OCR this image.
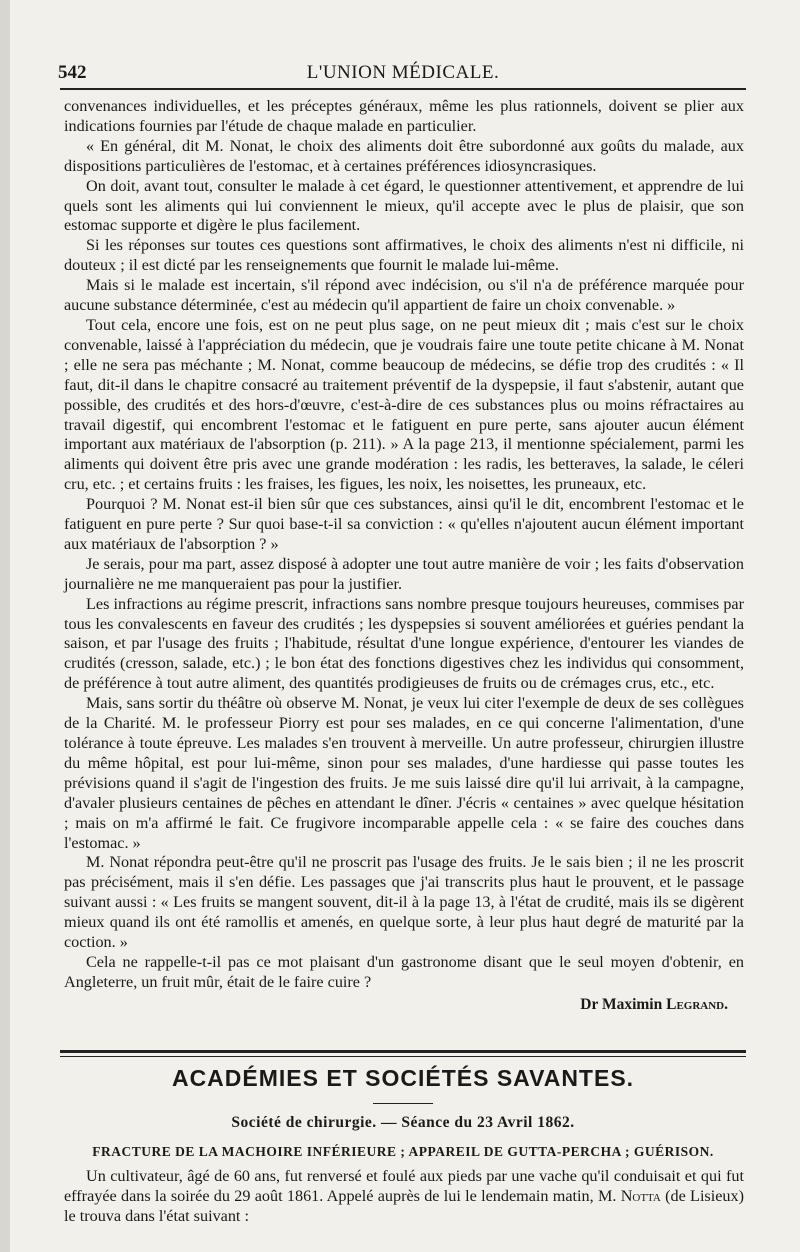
542	L'UNION MÉDICALE.

convenances individuelles, et les préceptes généraux, même les plus rationnels, doivent se plier aux indications fournies par l'étude de chaque malade en particulier.

« En général, dit M. Nonat, le choix des aliments doit être subordonné aux goûts du malade, aux dispositions particulières de l'estomac, et à certaines préférences idiosyncrasiques.

On doit, avant tout, consulter le malade à cet égard, le questionner attentivement, et apprendre de lui quels sont les aliments qui lui conviennent le mieux, qu'il accepte avec le plus de plaisir, que son estomac supporte et digère le plus facilement.

Si les réponses sur toutes ces questions sont affirmatives, le choix des aliments n'est ni difficile, ni douteux ; il est dicté par les renseignements que fournit le malade lui-même.

Mais si le malade est incertain, s'il répond avec indécision, ou s'il n'a de préférence marquée pour aucune substance déterminée, c'est au médecin qu'il appartient de faire un choix convenable. »

Tout cela, encore une fois, est on ne peut plus sage, on ne peut mieux dit ; mais c'est sur le choix convenable, laissé à l'appréciation du médecin, que je voudrais faire une toute petite chicane à M. Nonat ; elle ne sera pas méchante ; M. Nonat, comme beaucoup de médecins, se défie trop des crudités : « Il faut, dit-il dans le chapitre consacré au traitement préventif de la dyspepsie, il faut s'abstenir, autant que possible, des crudités et des hors-d'œuvre, c'est-à-dire de ces substances plus ou moins réfractaires au travail digestif, qui encombrent l'estomac et le fatiguent en pure perte, sans ajouter aucun élément important aux matériaux de l'absorption (p. 211). » A la page 213, il mentionne spécialement, parmi les aliments qui doivent être pris avec une grande modération : les radis, les betteraves, la salade, le céleri cru, etc. ; et certains fruits : les fraises, les figues, les noix, les noisettes, les pruneaux, etc.

Pourquoi ? M. Nonat est-il bien sûr que ces substances, ainsi qu'il le dit, encombrent l'estomac et le fatiguent en pure perte ? Sur quoi base-t-il sa conviction : « qu'elles n'ajoutent aucun élément important aux matériaux de l'absorption ? »

Je serais, pour ma part, assez disposé à adopter une tout autre manière de voir ; les faits d'observation journalière ne me manqueraient pas pour la justifier.

Les infractions au régime prescrit, infractions sans nombre presque toujours heureuses, commises par tous les convalescents en faveur des crudités ; les dyspepsies si souvent améliorées et guéries pendant la saison, et par l'usage des fruits ; l'habitude, résultat d'une longue expérience, d'entourer les viandes de crudités (cresson, salade, etc.) ; le bon état des fonctions digestives chez les individus qui consomment, de préférence à tout autre aliment, des quantités prodigieuses de fruits ou de crémages crus, etc., etc.

Mais, sans sortir du théâtre où observe M. Nonat, je veux lui citer l'exemple de deux de ses collègues de la Charité. M. le professeur Piorry est pour ses malades, en ce qui concerne l'alimentation, d'une tolérance à toute épreuve. Les malades s'en trouvent à merveille. Un autre professeur, chirurgien illustre du même hôpital, est pour lui-même, sinon pour ses malades, d'une hardiesse qui passe toutes les prévisions quand il s'agit de l'ingestion des fruits. Je me suis laissé dire qu'il lui arrivait, à la campagne, d'avaler plusieurs centaines de pêches en attendant le dîner. J'écris « centaines » avec quelque hésitation ; mais on m'a affirmé le fait. Ce frugivore incomparable appelle cela : « se faire des couches dans l'estomac. »

M. Nonat répondra peut-être qu'il ne proscrit pas l'usage des fruits. Je le sais bien ; il ne les proscrit pas précisément, mais il s'en défie. Les passages que j'ai transcrits plus haut le prouvent, et le passage suivant aussi : « Les fruits se mangent souvent, dit-il à la page 13, à l'état de crudité, mais ils se digèrent mieux quand ils ont été ramollis et amenés, en quelque sorte, à leur plus haut degré de maturité par la coction. »

Cela ne rappelle-t-il pas ce mot plaisant d'un gastronome disant que le seul moyen d'obtenir, en Angleterre, un fruit mûr, était de le faire cuire ?

Dr Maximin Legrand.
ACADÉMIES ET SOCIÉTÉS SAVANTES.
Société de chirurgie. — Séance du 23 Avril 1862.
FRACTURE DE LA MACHOIRE INFÉRIEURE ; APPAREIL DE GUTTA-PERCHA ; GUÉRISON.

Un cultivateur, âgé de 60 ans, fut renversé et foulé aux pieds par une vache qu'il conduisait et qui fut effrayée dans la soirée du 29 août 1861. Appelé auprès de lui le lendemain matin, M. Notta (de Lisieux) le trouva dans l'état suivant :
